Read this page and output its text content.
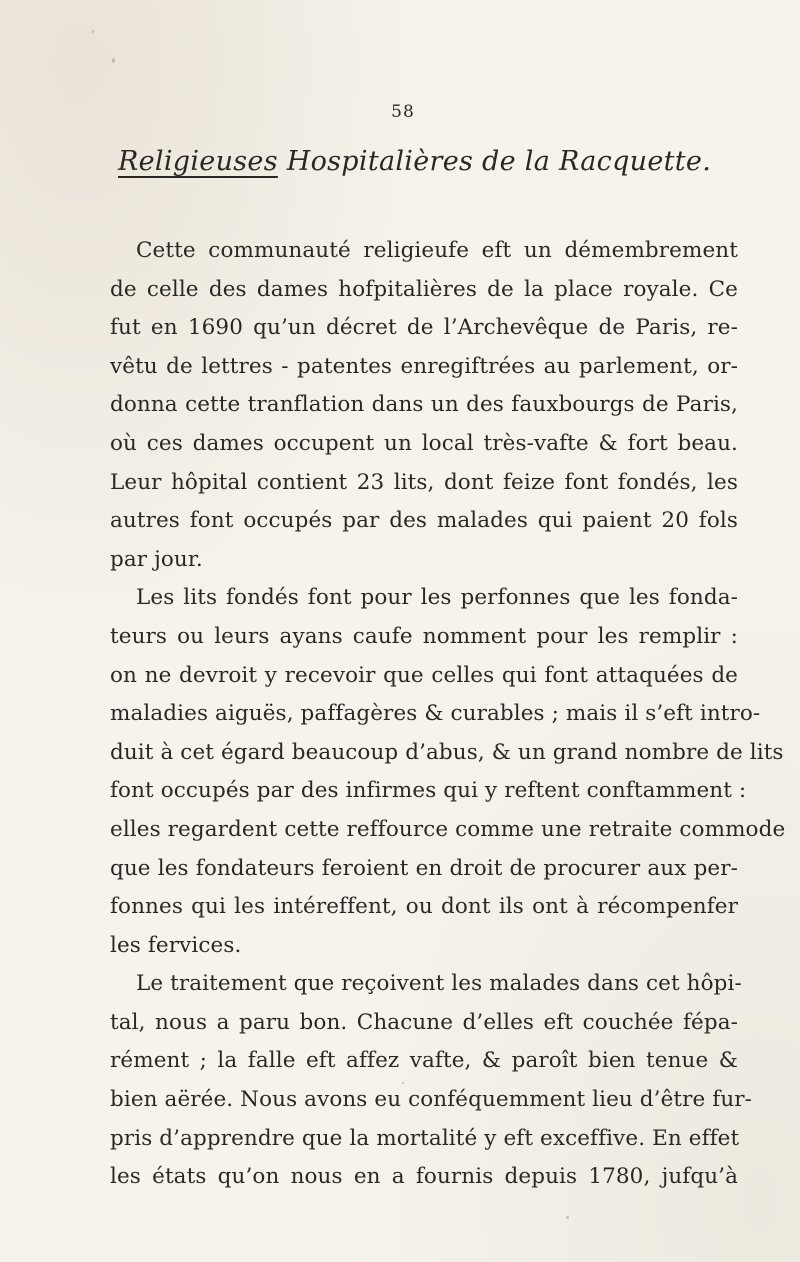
58
Religieuses Hospitalières de la Racquette.
Cette communauté religieufe eft un démembrement
de celle des dames hofpitalières de la place royale. Ce
fut en 1690 qu’un décret de l’Archevêque de Paris, re-
vêtu de lettres - patentes enregiftrées au parlement, or-
donna cette tranflation dans un des fauxbourgs de Paris,
où ces dames occupent un local très-vafte & fort beau.
Leur hôpital contient 23 lits, dont feize font fondés, les
autres font occupés par des malades qui paient 20 fols
par jour.
Les lits fondés font pour les perfonnes que les fonda-
teurs ou leurs ayans caufe nomment pour les remplir :
on ne devroit y recevoir que celles qui font attaquées de
maladies aiguës, paffagères & curables ; mais il s’eft intro-
duit à cet égard beaucoup d’abus, & un grand nombre de lits
font occupés par des infirmes qui y reftent conftamment :
elles regardent cette reffource comme une retraite commode
que les fondateurs feroient en droit de procurer aux per-
fonnes qui les intéreffent, ou dont ils ont à récompenfer
les fervices.
Le traitement que reçoivent les malades dans cet hôpi-
tal, nous a paru bon. Chacune d’elles eft couchée fépa-
rément ; la falle eft affez vafte, & paroît bien tenue &
bien aërée. Nous avons eu conféquemment lieu d’être fur-
pris d’apprendre que la mortalité y eft exceffive. En effet
les états qu’on nous en a fournis depuis 1780, jufqu’à
